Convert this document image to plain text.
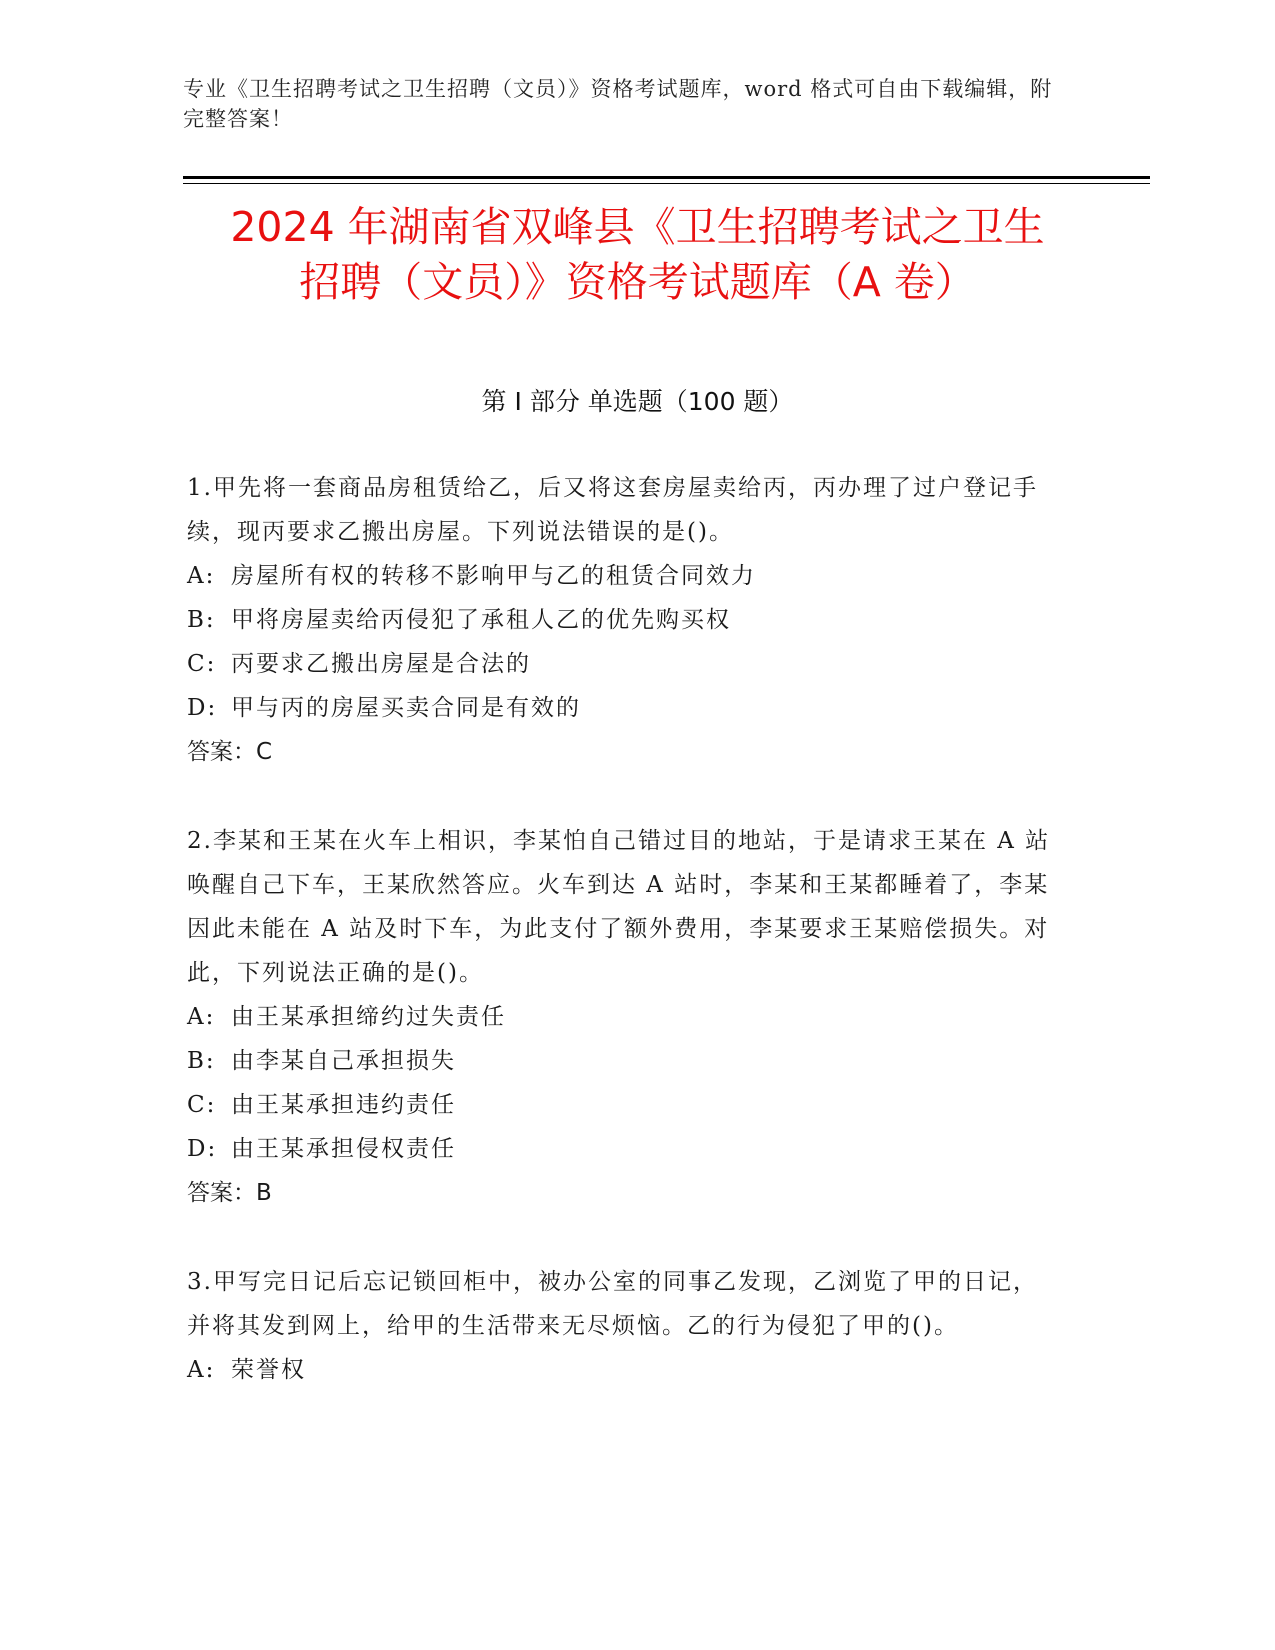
专业《卫生招聘考试之卫生招聘（文员）》资格考试题库，word 格式可自由下载编辑，附完整答案！
2024 年湖南省双峰县《卫生招聘考试之卫生
招聘（文员）》资格考试题库（A 卷）
第 I 部分 单选题（100 题）

1.甲先将一套商品房租赁给乙，后又将这套房屋卖给丙，丙办理了过户登记手续，现丙要求乙搬出房屋。下列说法错误的是()。

A: 房屋所有权的转移不影响甲与乙的租赁合同效力

B: 甲将房屋卖给丙侵犯了承租人乙的优先购买权

C: 丙要求乙搬出房屋是合法的

D: 甲与丙的房屋买卖合同是有效的

答案：C

2.李某和王某在火车上相识，李某怕自己错过目的地站，于是请求王某在 A 站唤醒自己下车，王某欣然答应。火车到达 A 站时，李某和王某都睡着了，李某因此未能在 A 站及时下车，为此支付了额外费用，李某要求王某赔偿损失。对此，下列说法正确的是()。

A: 由王某承担缔约过失责任

B: 由李某自己承担损失

C: 由王某承担违约责任

D: 由王某承担侵权责任

答案：B

3.甲写完日记后忘记锁回柜中，被办公室的同事乙发现，乙浏览了甲的日记，并将其发到网上，给甲的生活带来无尽烦恼。乙的行为侵犯了甲的()。

A: 荣誉权
